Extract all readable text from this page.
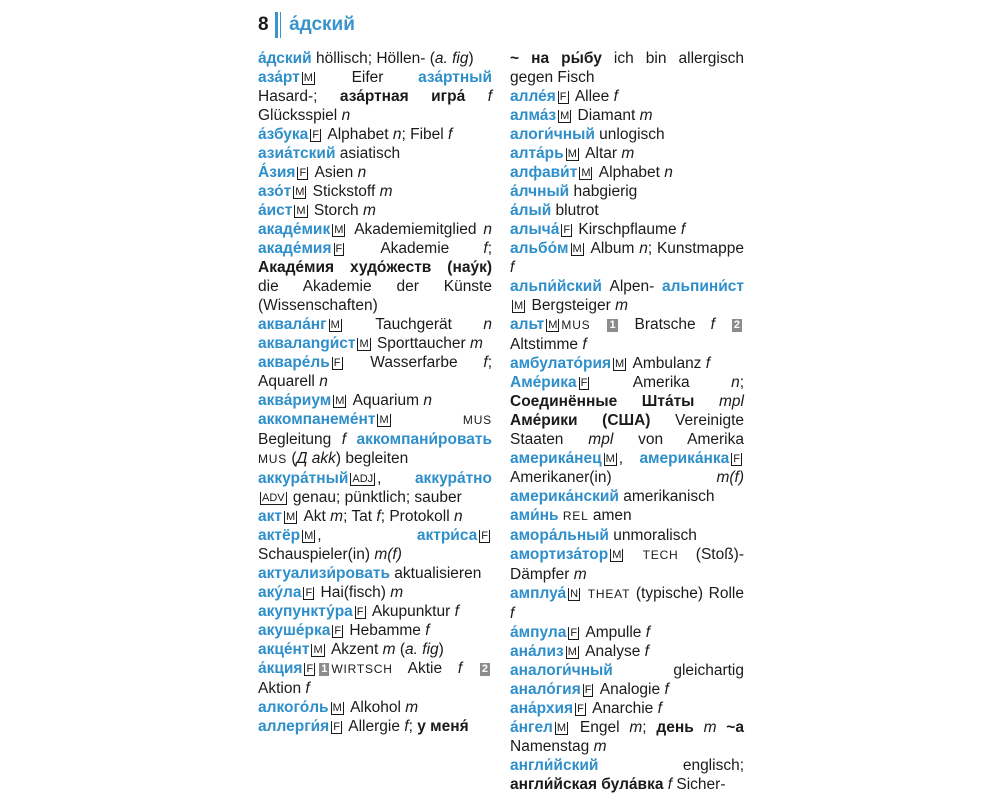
8 а́дский

а́дский höllisch; Höllen- (a. fig)

аза́рт M Eifer аза́ртный Hasard-; аза́ртная игра́ f Glücksspiel n

а́збука F Alphabet n; Fibel f

азиа́тский asiatisch

А́зия F Asien n

азо́т M Stickstoff m

а́ист M Storch m

акаде́мик M Akademiemitglied n акаде́мия F Akademie f; Акаде́мия худо́жеств (нау́к) die Akademie der Künste (Wissenschaften)

аквала́нг M Tauchgerät n аквалangи́ст M Sporttaucher m

акваре́ль F Wasserfarbe f; Aquarell n

аква́риум M Aquarium n

аккомпанеме́нт M	MUS Begleitung f аккомпани́ровать MUS (Д akk) begleiten

аккура́тный ADJ , аккура́тноADV genau; pünktlich; sauber

акт M Akt m; Tat f; Protokoll n

актёр M , актри́са F Schauspieler(in) m(f)

актуализи́ровать aktualisieren

аку́ла F Hai(fisch) m

акупункту́ра F Akupunktur f

акуше́рка F Hebamme f

акце́нт M Akzent m (a. fig)

а́кция F 1 WIRTSCH Aktie f 2 Aktion f

алкого́ль M Alkohol m

аллерги́я F Allergie f; у меня́

~ на ры́бу ich bin allergisch gegen Fisch

алле́я F Allee f

алма́з M Diamant m

алоги́чный unlogisch

алта́рь M Altar m

алфави́т M Alphabet n

а́лчный habgierig

а́лый blutrot

алыча́ F Kirschpflaume f

альбо́м M Album n; Kunstmappe f

альпи́йский Alpen- альпини́стM Bergsteiger m

альт M MUS 1 Bratsche f 2 Altstimme f

амбулато́рия M Ambulanz f

Аме́рика F Amerika n; Соединённые Шта́ты mpl Аме́рики (США) Vereinigte Staaten mpl von Amerika америка́нец M , америка́нка F Amerikaner(in) m(f) америка́нский amerikanisch

ами́нь REL amen

амора́льный unmoralisch

амортиза́тор M TECH (Stoß)-Dämpfer m

амплуа́ N THEAT (typische) Rolle f

а́мпула F Ampulle f

ана́лиз M Analyse f

аналоги́чный gleichartig анало́гия F Analogie f

ана́рхия F Anarchie f

а́нгел M Engel m; день m ~а Namenstag m

англи́йский englisch; англи́йская була́вка f Sicher-
